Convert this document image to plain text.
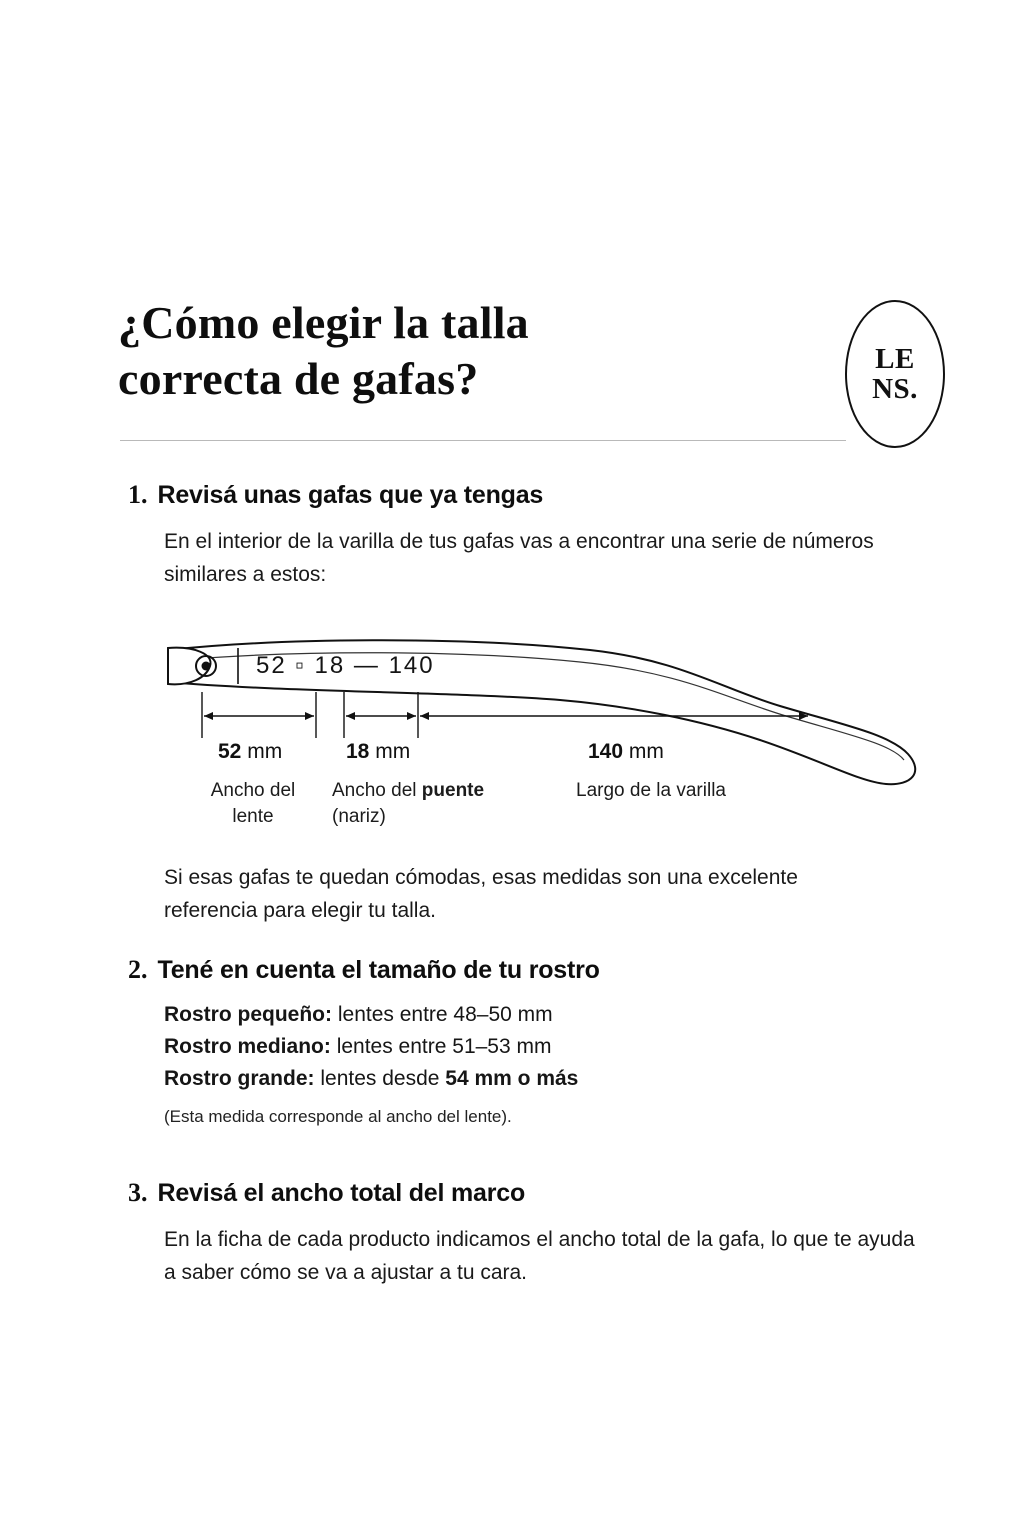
¿Cómo elegir la talla
correcta de gafas?	LE
NS.
1. Revisá unas gafas que ya tengas
En el interior de la varilla de tus gafas vas a encontrar una serie de números similares a estos:
52 ▫ 18 — 140
52 mm	18 mm	140 mm
Ancho del
lente
Ancho del puente
(nariz)
Largo de la varilla
Si esas gafas te quedan cómodas, esas medidas son una excelente referencia para elegir tu talla.
2. Tené en cuenta el tamaño de tu rostro
Rostro pequeño: lentes entre 48–50 mm
Rostro mediano: lentes entre 51–53 mm
Rostro grande: lentes desde 54 mm o más
(Esta medida corresponde al ancho del lente).
3. Revisá el ancho total del marco
En la ficha de cada producto indicamos el ancho total de la gafa, lo que te ayuda a saber cómo se va a ajustar a tu cara.
